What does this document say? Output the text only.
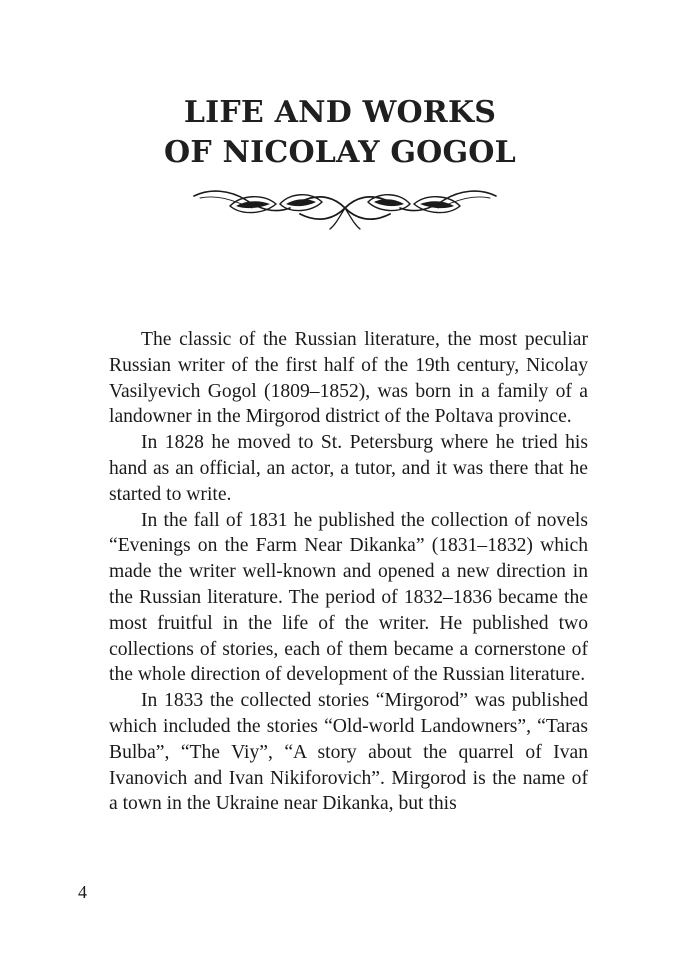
LIFE AND WORKS
OF NICOLAY GOGOL

The classic of the Russian literature, the most peculiar Russian writer of the first half of the 19th century, Nicolay Vasilyevich Gogol (1809–1852), was born in a family of a landowner in the Mirgorod district of the Poltava province.

In 1828 he moved to St. Petersburg where he tried his hand as an official, an actor, a tutor, and it was there that he started to write.

In the fall of 1831 he published the collection of novels “Evenings on the Farm Near Dikanka” (1831–1832) which made the writer well-known and opened a new direction in the Russian literature. The period of 1832–1836 became the most fruitful in the life of the writer. He published two collections of stories, each of them became a cornerstone of the whole direction of development of the Russian literature.

In 1833 the collected stories “Mirgorod” was published which included the stories “Old-world Landowners”, “Taras Bulba”, “The Viy”, “A story about the quarrel of Ivan Ivanovich and Ivan Nikiforovich”. Mirgorod is the name of a town in the Ukraine near Dikanka, but this

4
